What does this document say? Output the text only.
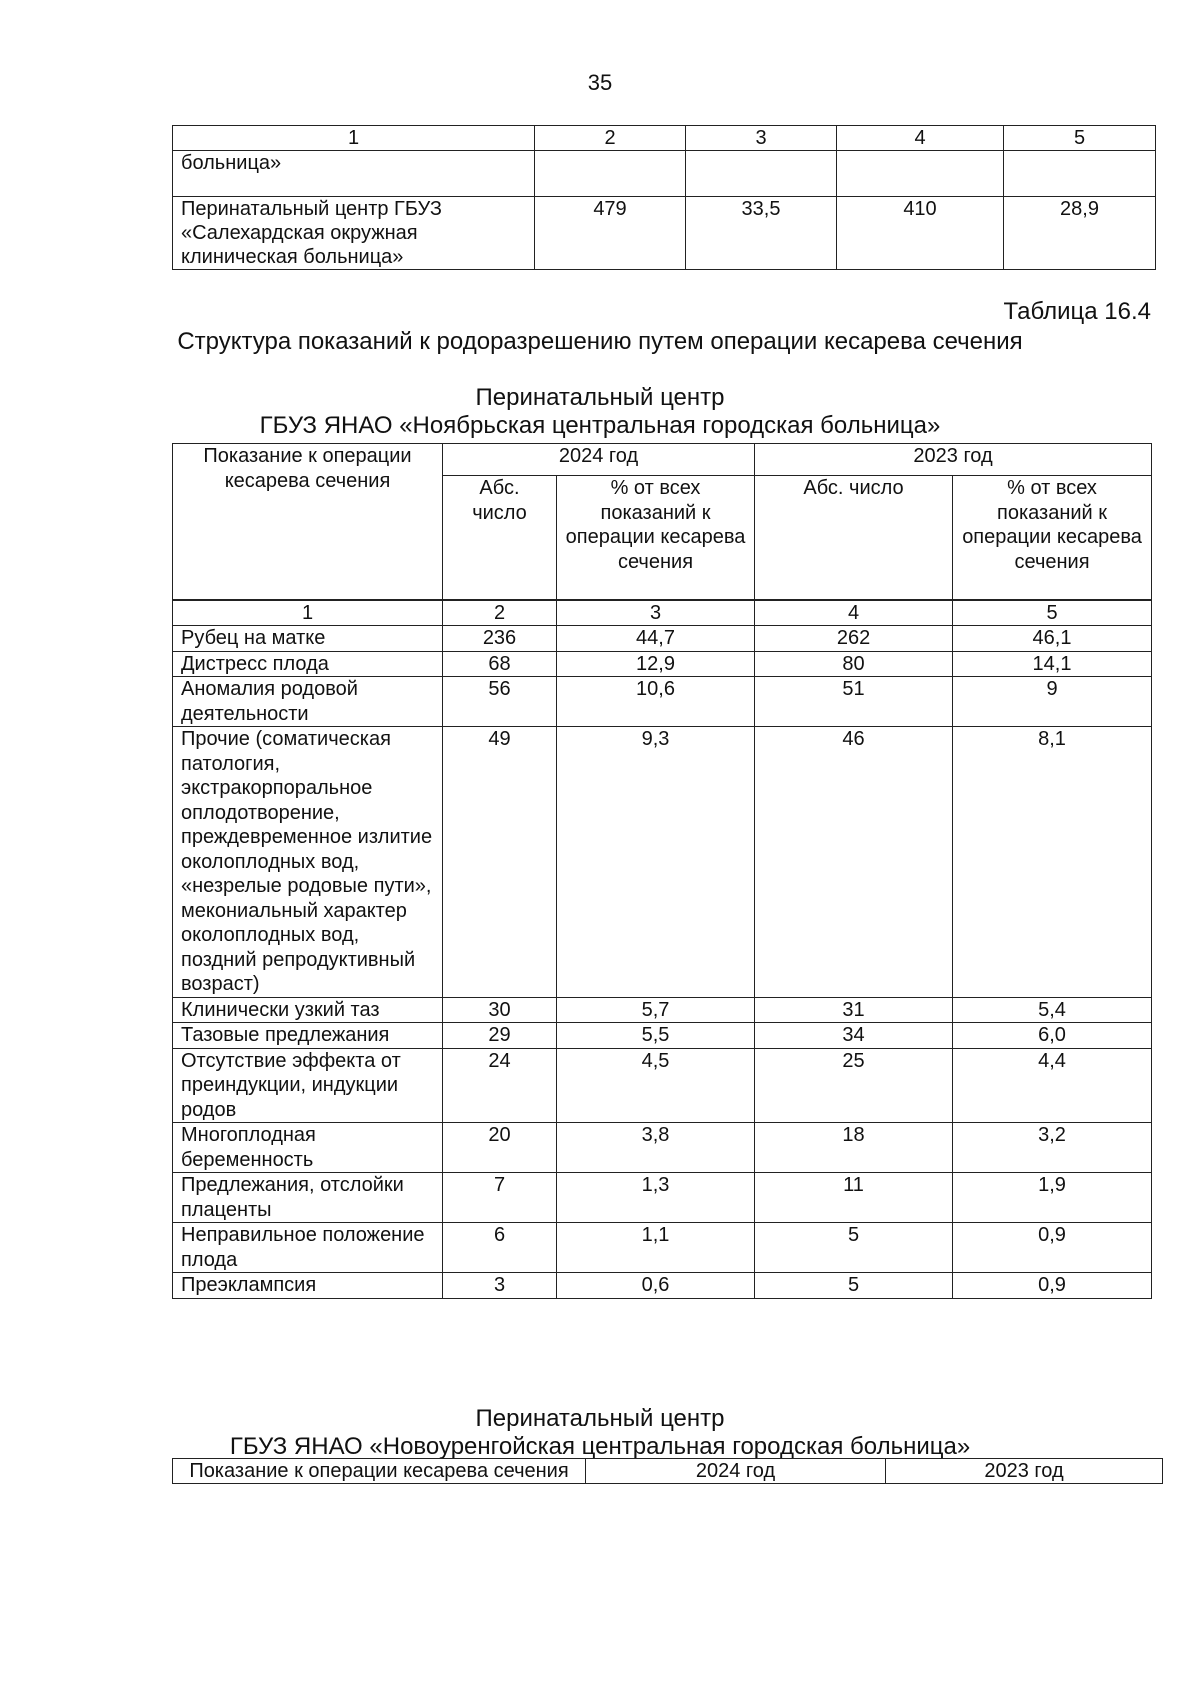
35
1	2	3	4	5
больница»				
Перинатальный центр ГБУЗ «Салехардская окружная клиническая больница»	479	33,5	410	28,9
Таблица 16.4
Структура показаний к родоразрешению путем операции кесарева сечения
Перинатальный центр
ГБУЗ ЯНАО «Ноябрьская центральная городская больница»
Показание к операции кесарева сечения	2024 год		2023 год	
	Абс. число	% от всех показаний к операции кесарева сечения	Абс. число	% от всех показаний к операции кесарева сечения
1	2	3	4	5
Рубец на матке	236	44,7	262	46,1
Дистресс плода	68	12,9	80	14,1
Аномалия родовой деятельности	56	10,6	51	9
Прочие (соматическая патология, экстракорпоральное оплодотворение, преждевременное излитие околоплодных вод, «незрелые родовые пути», мекониальный характер околоплодных вод, поздний репродуктивный возраст)	49	9,3	46	8,1
Клинически узкий таз	30	5,7	31	5,4
Тазовые предлежания	29	5,5	34	6,0
Отсутствие эффекта от преиндукции, индукции родов	24	4,5	25	4,4
Многоплодная беременность	20	3,8	18	3,2
Предлежания, отслойки плаценты	7	1,3	11	1,9
Неправильное положение плода	6	1,1	5	0,9
Преэклампсия	3	0,6	5	0,9
Перинатальный центр
ГБУЗ ЯНАО «Новоуренгойская центральная городская больница»
Показание к операции кесарева сечения	2024 год	2023 год
